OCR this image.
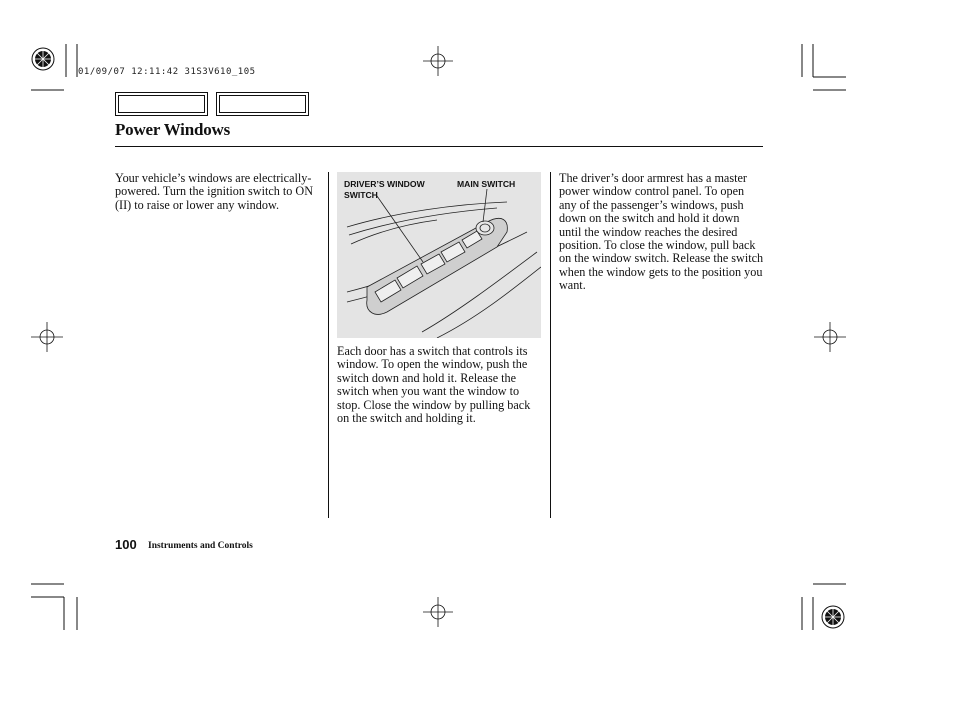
01/09/07 12:11:42 31S3V610_105
Power Windows
Your vehicle’s windows are electrically-powered. Turn the ignition switch to ON (II) to raise or lower any window.
DRIVER’S WINDOW
SWITCH
MAIN SWITCH
Each door has a switch that controls its window. To open the window, push the switch down and hold it. Release the switch when you want the window to stop. Close the window by pulling back on the switch and holding it.
The driver’s door armrest has a master power window control panel. To open any of the passenger’s windows, push down on the switch and hold it down until the window reaches the desired position. To close the window, pull back on the window switch. Release the switch when the window gets to the position you want.
100 Instruments and Controls
